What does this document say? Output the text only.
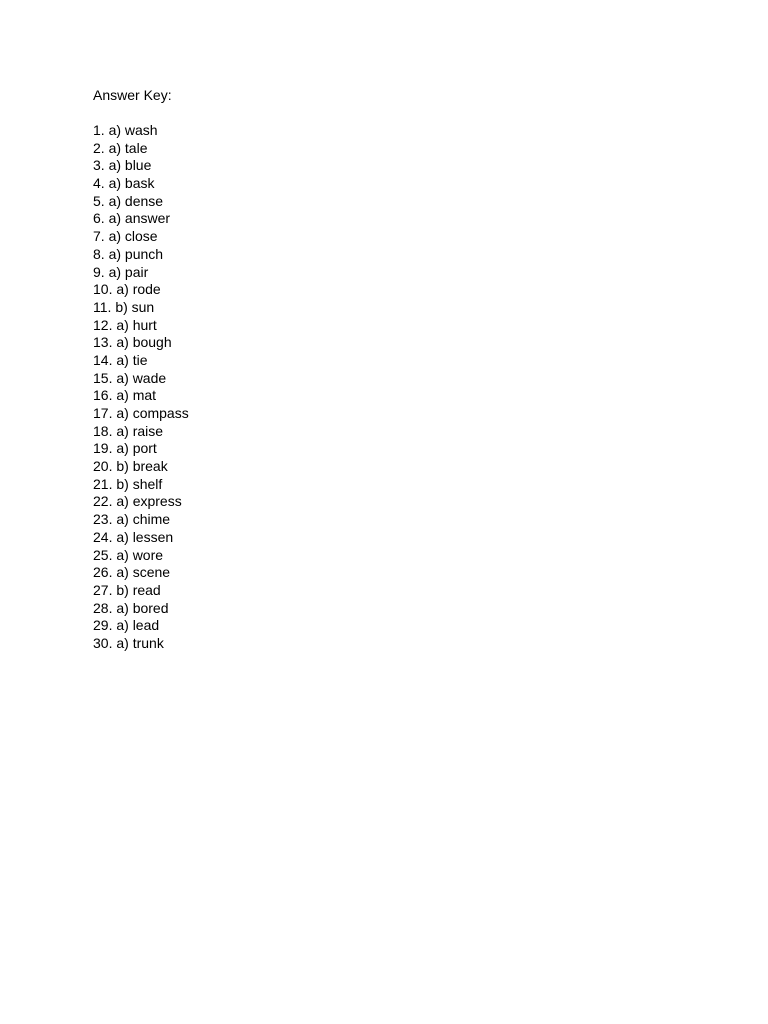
Answer Key:
1. a) wash
2. a) tale
3. a) blue
4. a) bask
5. a) dense
6. a) answer
7. a) close
8. a) punch
9. a) pair
10. a) rode
11. b) sun
12. a) hurt
13. a) bough
14. a) tie
15. a) wade
16. a) mat
17. a) compass
18. a) raise
19. a) port
20. b) break
21. b) shelf
22. a) express
23. a) chime
24. a) lessen
25. a) wore
26. a) scene
27. b) read
28. a) bored
29. a) lead
30. a) trunk
